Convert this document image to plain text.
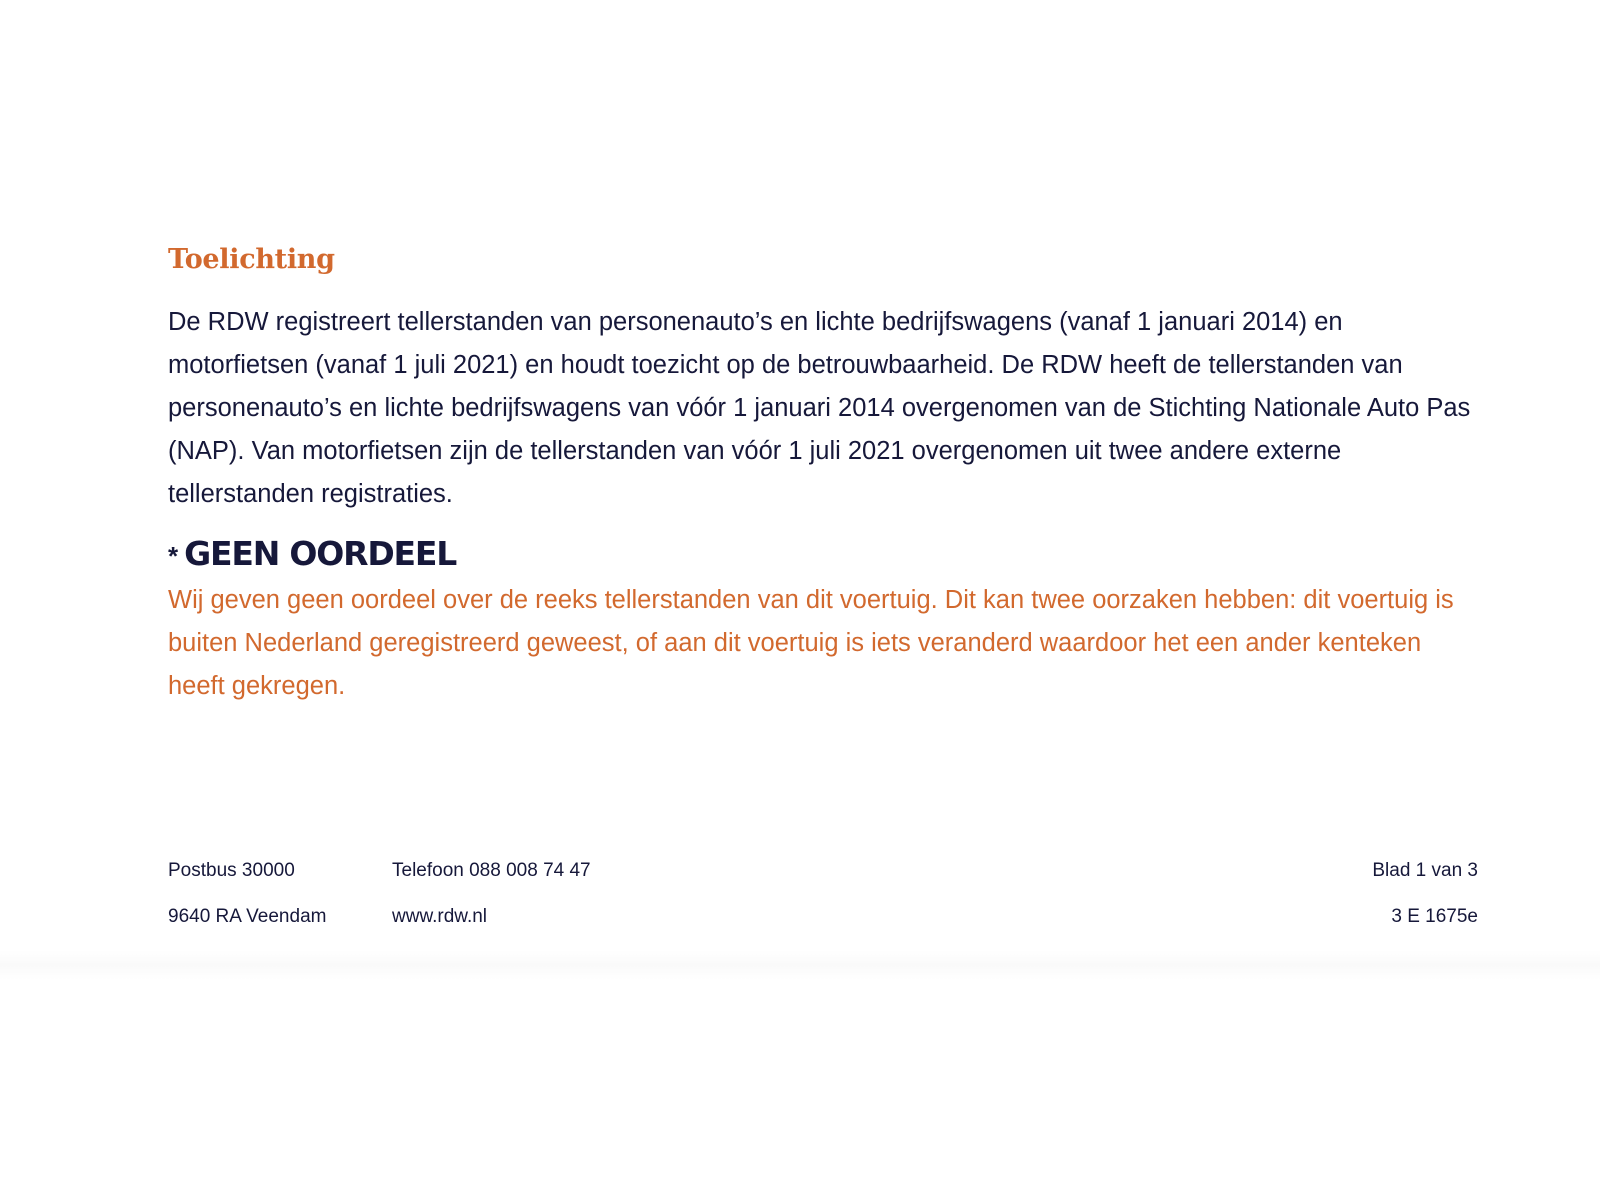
Toelichting

De RDW registreert tellerstanden van personenauto’s en lichte bedrijfswagens (vanaf 1 januari 2014) en motorfietsen (vanaf 1 juli 2021) en houdt toezicht op de betrouwbaarheid. De RDW heeft de tellerstanden van personenauto’s en lichte bedrijfswagens van vóór 1 januari 2014 overgenomen van de Stichting Nationale Auto Pas (NAP). Van motorfietsen zijn de tellerstanden van vóór 1 juli 2021 overgenomen uit twee andere externe tellerstanden registraties.

* GEEN OORDEEL

Wij geven geen oordeel over de reeks tellerstanden van dit voertuig. Dit kan twee oorzaken hebben: dit voertuig is buiten Nederland geregistreerd geweest, of aan dit voertuig is iets veranderd waardoor het een ander kenteken heeft gekregen.

Postbus 30000
9640 RA Veendam
Telefoon 088 008 74 47
www.rdw.nl
Blad 1 van 3
3 E 1675e
